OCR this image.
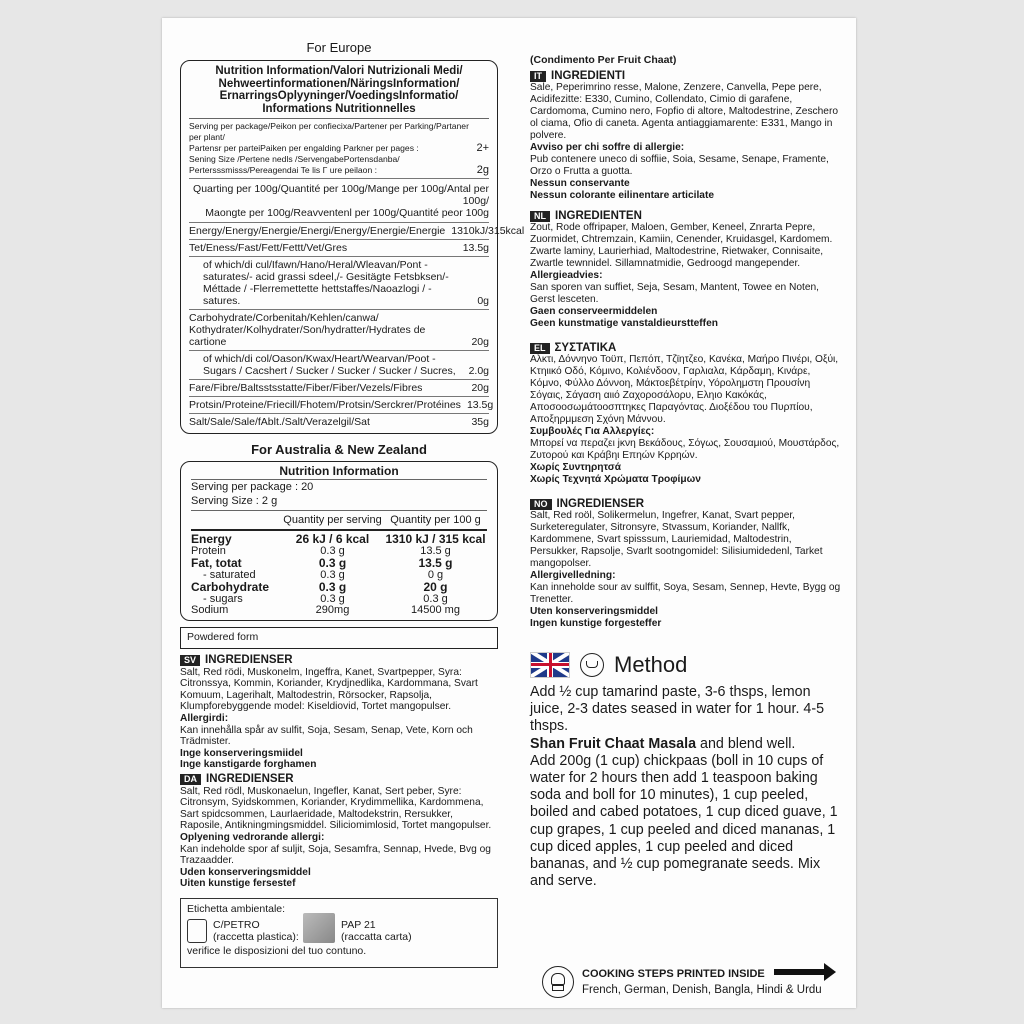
For Europe
Nutrition Information/Valori Nutrizionali Medi/
Nehweertinformationen/NäringsInformation/
ErnarringsOplyyninger/VoedingsInformatio/
Informations Nutritionnelles
Serving per package/Peikon per confiecixa/Partener per Parking/Partaner per plant/
Partensr per parteiPaiken per engalding Parkner per pages :	2+
Sening Size /Pertene nedls /ServengabePortensdanba/
Pertersssmisss/Pereagendai Te lis Γ ure peilaon :	2g
Quarting per 100g/Quantité per 100g/Mange per 100g/Antal per 100g/
Maongte per 100g/Reavventenl per 100g/Quantité peor 100g
Energy/Energy/Energie/Energi/Energy/Energie/Energie 1310kJ/315kcal
Tet/Eness/Fast/Fett/Fettt/Vet/Gres	13.5g
of which/di cul/Ifawn/Hano/Heral/Wleavan/Pont -saturates/- acid grassi sdeel,/- Gesitägte Fetsbksen/- Méttade / -Flerremettette hettstaffes/Naoazlogi / - satures.	0g
Carbohydrate/Corbenitah/Kehlen/canwa/ Kothydrater/Kolhydrater/Son/hydratter/Hydrates de cartione	20g
of which/di col/Oason/Kwax/Heart/Wearvan/Poot -Sugars / Cacshert / Sucker / Sucker / Sucker / Sucres,	2.0g
Fare/Fibre/Baltsstsstatte/Fiber/Fiber/Vezels/Fibres	20g
Protsin/Proteine/Friecill/Fhotem/Protsin/Serckrer/Protéines 13.5g
Salt/Sale/Sale/fAblt./Salt/Verazelgil/Sat	35g
For Australia & New Zealand
Nutrition Information
Serving per package : 20
Serving Size : 2 g
Quantity per serving Quantity per 100 g
Energy	26 kJ / 6 kcal	1310 kJ / 315 kcal
Protein	0.3 g	13.5 g
Fat, totat	0.3 g	13.5 g
- saturated	0.3 g	0 g
Carbohydrate	0.3 g	20 g
- sugars	0.3 g	0.3 g
Sodium	290mg	14500 mg
Powdered form
SV INGREDIENSER
Salt, Red rödi, Muskonelm, Ingeffra, Kanet, Svartpepper, Syra: Citronssya, Kommin, Koriander, Krydjnedlika, Kardommana, Svart Komuum, Lagerihalt, Maltodestrin, Rörsocker, Rapsolja, Klumpforebyggende model: Kiseldiovid, Tortet mangopulser.
Allergirdi:
Kan innehålla spår av sulfit, Soja, Sesam, Senap, Vete, Korn och Trädmister.
Inge konserveringsmiidel
Inge kanstigarde forghamen
DA INGREDIENSER
Salt, Red rödl, Muskonaelun, Ingefler, Kanat, Sert peber, Syre: Citronsym, Syidskommen, Koriander, Krydimmellika, Kardommena, Sart spidcsommen, Laurlaeridade, Maltodekstrin, Rersukker, Raposile, Antikningmingsmiddel. Siliciomimlosid, Tortet mangopulser.
Oplyening vedrorande allergi:
Kan indeholde spor af suljit, Soja, Sesamfra, Sennap, Hvede, Bvg og Trazaadder.
Uden konserveringsmiddel
Uiten kunstige fersestef
Etichetta ambientale:
C/PETRO
(raccetta plastica):
PAP 21
(raccatta carta)
verifice le disposizioni del tuo contuno.
(Condimento Per Fruit Chaat)
IT INGREDIENTI
Sale, Peperimrino resse, Malone, Zenzere, Canvella, Pepe pere, Acidifezitte: E330, Cumino, Collendato, Cimio di garafene, Cardomoma, Cumino nero, Fopfio di altore, Maltodestrine, Zeschero ol ciama, Ofio di caneta. Agenta antiaggiamarente: E331, Mango in polvere.
Avviso per chi soffre di allergie:
Pub contenere uneco di soffiie, Soia, Sesame, Senape, Framente, Orzo o Frutta a guotta.
Nessun conservante
Nessun colorante eilinentare articilate
NL INGREDIENTEN
Zout, Rode offripaper, Maloen, Gember, Keneel, Znrarta Pepre, Zuormidet, Chtremzain, Kamiin, Cenender, Kruidasgel, Kardomem. Zwarte laminy, Laurierhiad, Maltodestrine, Rietwaker, Connisaite, Zwartle tewnnidel. Sillamnatmidie, Gedroogd mangepender.
Allergieadvies:
San sporen van suffiet, Seja, Sesam, Mantent, Towee en Noten, Gerst lesceten.
Gaen conserveermiddelen
Geen kunstmatige vanstaldieurstteffen
EL ΣΥΣΤΑΤΙΚΑ
Αλκτι, Δόννηνο Τοϋπ, Πεπόπ, Τζϊητζεο, Κανέκα, Μαήρο Πινέρι, Οξύι, Κτηιικό Οδό, Κόμινο, Κολιένδοον, Γαρλιαλα, Κάρδαμη, Κινάρε, Κόμνο, Φύλλο Δόννοη, Μάκτοεβέτρίην, Υόρολημστη Προυσίνη Σόγαις, Σάγαση αιιό Ζαχοροσάλορυ, Εληιο Κακόκάς, Αποσοοσωμάτοοσπτηκες Παραγόντας. Διοξέδου του Πυρπίου, Αποξηρμμεση Σχόνη Μάννου.
Συμβουλές Για Αλλεργίες:
Μπορεί να περαζει jκνη Βεκάδους, Σόγως, Σουσαμιού, Μουστάρδος, Ζυτορού και Κράβηι Επηών Κρρηών.
Χωρίς Συντηρητσά
Χωρίς Τεχνητά Χρώματα Τροφίμων
NO INGREDIENSER
Salt, Red roöl, Solikermelun, Ingefrer, Kanat, Svart pepper, Surketeregulater, Sitronsyre, Stvassum, Koriander, Nallfk, Kardommene, Svart spisssum, Lauriemidad, Maltodestrin, Persukker, Rapsolje, Svarlt sootngomidel: Silisiumidedenl, Tarket mangopolser.
Allergivelledning:
Kan inneholde sour av sulffit, Soya, Sesam, Sennep, Hevte, Bygg og Trenetter.
Uten konserveringsmiddel
Ingen kunstige forgesteffer
Method
Add ½ cup tamarind paste, 3-6 thsps, lemon juice, 2-3 dates seased in water for 1 hour. 4-5 thsps.
Shan Fruit Chaat Masala and blend well.
Add 200g (1 cup) chickpaas (boll in 10 cups of water for 2 hours then add 1 teaspoon baking soda and boll for 10 minutes), 1 cup peeled, boiled and cabed potatoes, 1 cup diced guave, 1 cup grapes, 1 cup peeled and diced mananas, 1 cup diced apples, 1 cup peeled and diced bananas, and ½ cup pomegranate seeds. Mix and serve.
COOKING STEPS PRINTED INSIDE
French, German, Denish, Bangla, Hindi & Urdu
